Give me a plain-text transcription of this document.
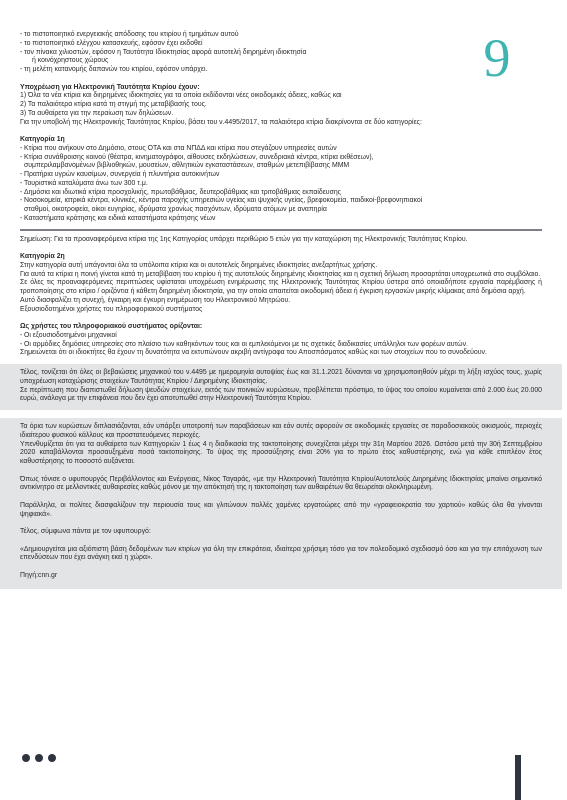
9
- το πιστοποιητικό ενεργειακής απόδοσης του κτιρίου ή τμημάτων αυτού
- το πιστοποιητικό ελέγχου κατασκευής, εφόσον έχει εκδοθεί
- τον πίνακα χιλιοστών, εφόσον η Ταυτότητα Ιδιοκτησίας αφορά αυτοτελή διηρημένη ιδιοκτησία
ή κοινόχρηστους χώρους
- τη μελέτη κατανομής δαπανών του κτιρίου, εφόσον υπάρχει.

Υποχρέωση για Ηλεκτρονική Ταυτότητα Κτιρίου έχουν:

1) Όλα τα νέα κτίρια και διηρημένες ιδιοκτησίες για τα οποία εκδίδονται νέες οικοδομικές άδειες, καθώς και

2) Τα παλαιότερα κτίρια κατά τη στιγμή της μεταβίβασής τους.

3) Τα αυθαίρετα για την περαίωση των δηλώσεων.

Για την υποβολή της Ηλεκτρονικής Ταυτότητας Κτιρίου, βάσει του ν.4495/2017, τα παλαιότερα κτίρια διακρίνονται σε δύο κατηγορίες:

Κατηγορία 1η

- Κτίρια που ανήκουν στο Δημόσιο, στους ΟΤΑ και στα ΝΠΔΔ και κτίρια που στεγάζουν υπηρεσίες αυτών
- Κτίρια συνάθροισης κοινού (θέατρα, κινηματογράφοι, αίθουσες εκδηλώσεων, συνεδριακά κέντρα, κτίρια εκθέσεων),
συμπεριλαμβανομένων βιβλιοθηκών, μουσείων, αθλητικών εγκαταστάσεων, σταθμών μετεπιβίβασης ΜΜΜ
- Πρατήρια υγρών καυσίμων, συνεργεία ή πλυντήρια αυτοκινήτων
- Τουριστικά καταλύματα άνω των 300 τ.μ.
- Δημόσια και ιδιωτικά κτίρια προσχολικής, πρωτοβάθμιας, δευτεροβάθμιας και τριτοβάθμιας εκπαίδευσης
- Νοσοκομεία, ιατρικά κέντρα, κλινικές, κέντρα παροχής υπηρεσιών υγείας και ψυχικής υγείας, βρεφοκομεία, παιδικοί-βρεφονηπιακοί
σταθμοί, οικοτροφεία, οίκοι ευγηρίας, ιδρύματα χρονίως πασχόντων, ιδρύματα ατόμων με αναπηρία
- Καταστήματα κράτησης και ειδικά καταστήματα κράτησης νέων

Σημείωση: Για τα προαναφερόμενα κτίρια της 1ης Κατηγορίας υπάρχει περιθώριο 5 ετών για την καταχώριση της Ηλεκτρονικής Ταυτότητας Κτιρίου.

Κατηγορία 2η

Στην κατηγορία αυτή υπάγονται όλα τα υπόλοιπα κτίρια και οι αυτοτελείς διηρημένες ιδιοκτησίες ανεξαρτήτως χρήσης.

Για αυτά τα κτίρια η ποινή γίνεται κατά τη μεταβίβαση του κτιρίου ή της αυτοτελούς διηρημένης ιδιοκτησίας και η σχετική δήλωση προσαρτάται υποχρεωτικά στο συμβόλαιο.

Σε όλες τις προαναφερόμενες περιπτώσεις υφίσταται υποχρέωση ενημέρωσης της Ηλεκτρονικής Ταυτότητας Κτιρίου ύστερα από οποιαδήποτε εργασία παρέμβασης ή τροποποίησης στο κτίριο / οριζόντια ή κάθετη διηρημένη ιδιοκτησία, για την οποία απαιτείται οικοδομική άδεια ή έγκριση εργασιών μικρής κλίμακας από δημόσια αρχή.

Αυτό διασφαλίζει τη συνεχή, έγκαιρη και έγκυρη ενημέρωση του Ηλεκτρονικού Μητρώου.

Εξουσιοδοτημένοι χρήστες του πληροφοριακού συστήματος

Ως χρήστες του πληροφοριακού συστήματος ορίζονται:

- Οι εξουσιοδοτημένοι μηχανικοί
- Οι αρμόδιες δημόσιες υπηρεσίες στο πλαίσιο των καθηκόντων τους και οι εμπλεκόμενοι με τις σχετικές διαδικασίες υπάλληλοι των φορέων αυτών.

Σημειώνεται ότι οι ιδιοκτήτες θα έχουν τη δυνατότητα να εκτυπώνουν ακριβή αντίγραφα του Αποσπάσματος καθώς και των στοιχείων που το συνοδεύουν.

Τέλος, τονίζεται ότι όλες οι βεβαιώσεις μηχανικού του ν.4495 με ημερομηνία αυτοψίας έως και 31.1.2021 δύνανται να χρησιμοποιηθούν μέχρι τη λήξη ισχύος τους, χωρίς υποχρέωση καταχώρισης στοιχείων Ταυτότητας Κτιρίου / Διηρημένης Ιδιοκτησίας.

Σε περίπτωση που διαπιστωθεί δήλωση ψευδών στοιχείων, εκτός των ποινικών κυρώσεων, προβλέπεται πρόστιμο, το ύψος του οποίου κυμαίνεται από 2.000 έως 20.000 ευρώ, ανάλογα με την επιφάνεια που δεν έχει αποτυπωθεί στην Ηλεκτρονική Ταυτότητα Κτιρίου.

Τα όρια των κυρώσεων διπλασιάζονται, εάν υπάρξει υποτροπή των παραβάσεων και εάν αυτές αφορούν σε οικοδομικές εργασίες σε παραδοσιακούς οικισμούς, περιοχές ιδιαίτερου φυσικού κάλλους και προστατευόμενες περιοχές.

Υπενθυμίζεται ότι για τα αυθαίρετα των Κατηγοριών 1 έως 4 η διαδικασία της τακτοποίησης συνεχίζεται μέχρι την 31η Μαρτίου 2026. Ωστόσο μετά την 30ή Σεπτεμβρίου 2020 καταβάλλονται προσαυξημένα ποσά τακτοποίησης. Το ύψος της προσαύξησης είναι 20% για το πρώτο έτος καθυστέρησης, ενώ για κάθε επιπλέον έτος καθυστέρησης το ποσοστό αυξάνεται.

Όπως τόνισε ο υφυπουργός Περιβάλλοντος και Ενέργειας, Νίκος Ταγαράς, «με την Ηλεκτρονική Ταυτότητα Κτιρίου/Αυτοτελούς Διηρημένης Ιδιοκτησίας μπαίνει σημαντικό αντικίνητρο σε μελλοντικές αυθαιρεσίες καθώς μόνον με την απόκτησή της η τακτοποίηση των αυθαιρέτων θα θεωρείται ολοκληρωμένη.

Παράλληλα, οι πολίτες διασφαλίζουν την περιουσία τους και γλιτώνουν πολλές χαμένες εργατοώρες από την «γραφειοκρατία του χαρτιού» καθώς όλα θα γίνονται ψηφιακά».

Τέλος, σύμφωνα πάντα με τον υφυπουργό:

«Δημιουργείται μια αξιόπιστη βάση δεδομένων των κτιρίων για όλη την επικράτεια, ιδιαίτερα χρήσιμη τόσο για τον πολεοδομικό σχεδιασμό όσο και για την επιτάχυνση των επενδύσεων που έχει ανάγκη εκεί η χώρα».

Πηγή:cnn.gr
